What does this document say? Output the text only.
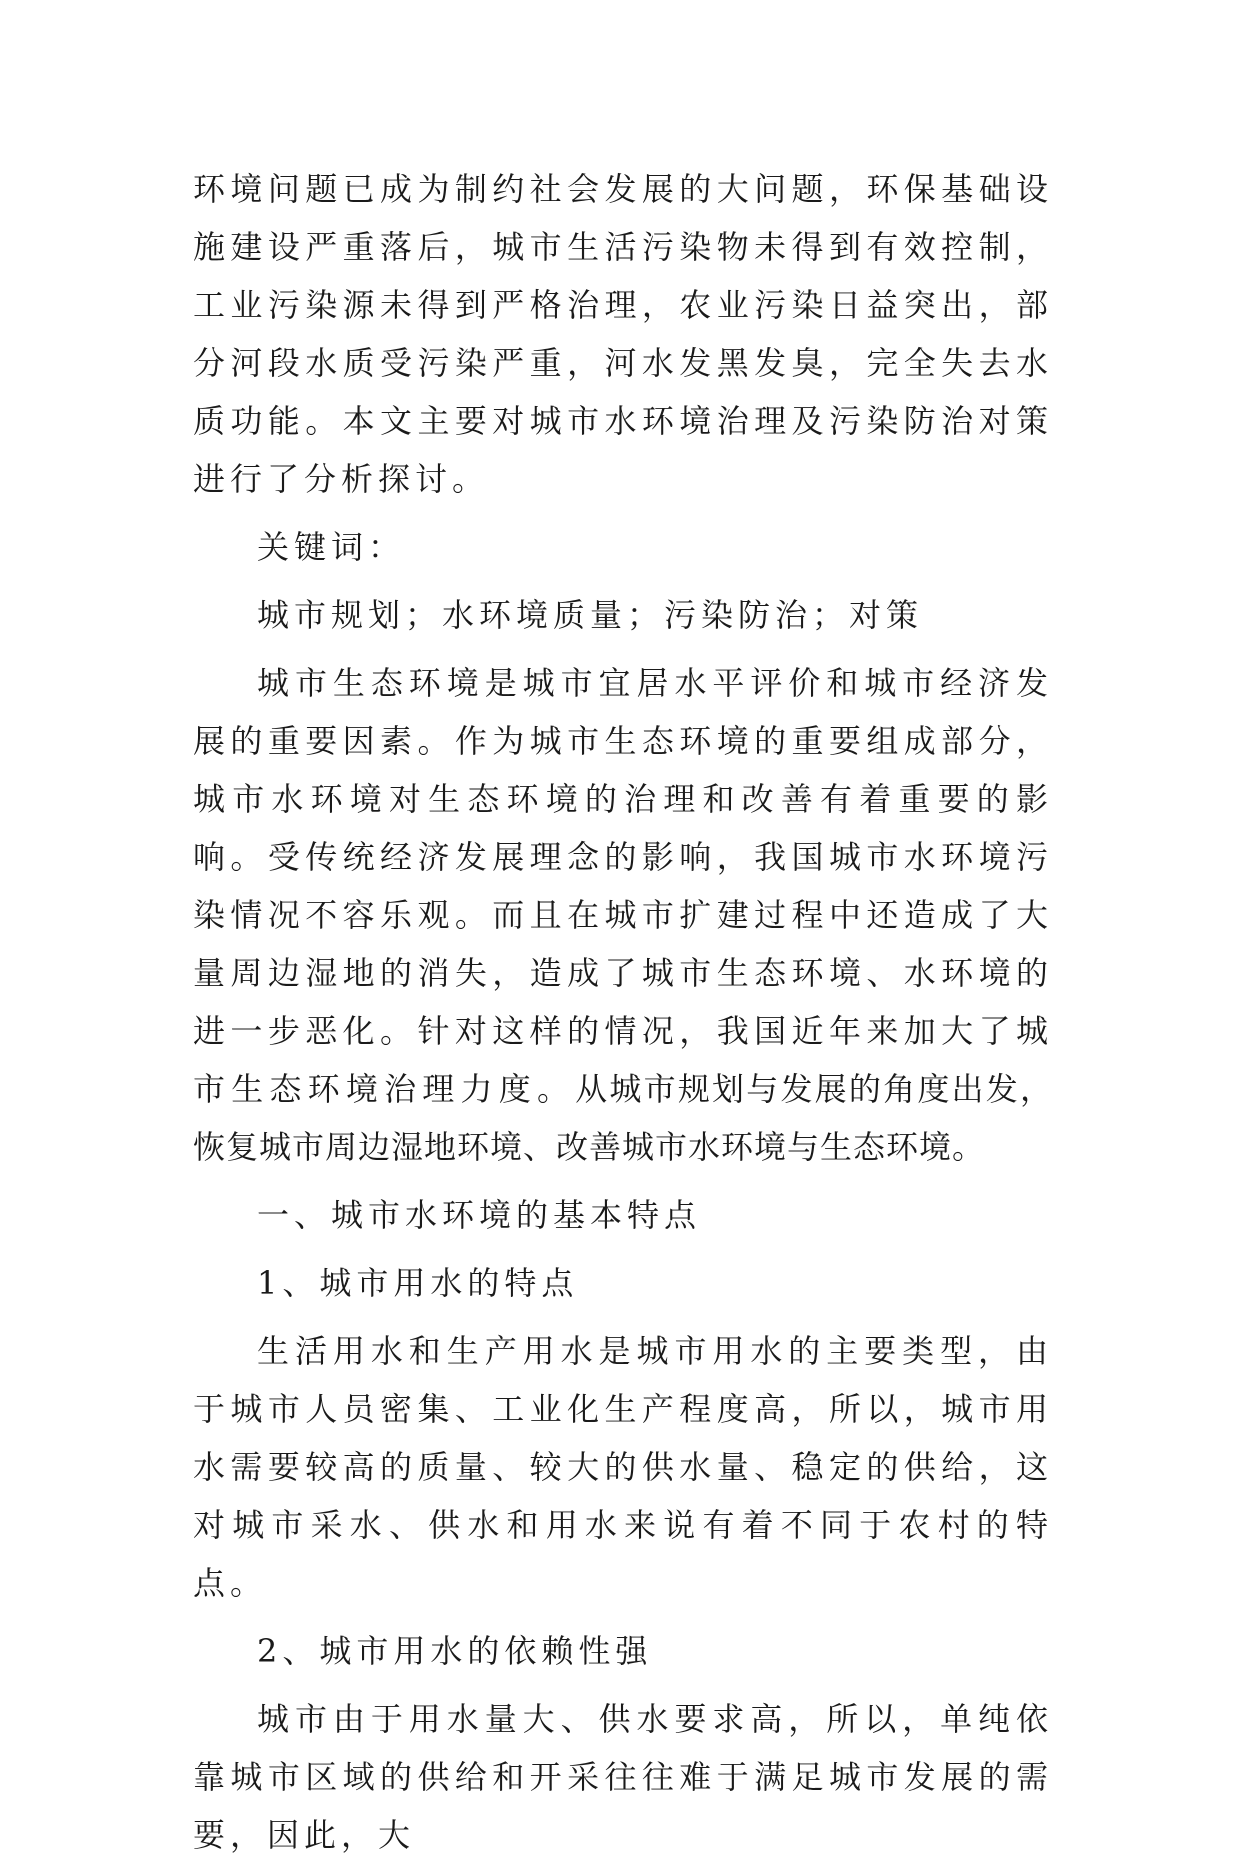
环境问题已成为制约社会发展的大问题，环保基础设施建设严重落后，城市生活污染物未得到有效控制，工业污染源未得到严格治理，农业污染日益突出，部分河段水质受污染严重，河水发黑发臭，完全失去水质功能。本文主要对城市水环境治理及污染防治对策进行了分析探讨。

关键词：

城市规划；水环境质量；污染防治；对策

城市生态环境是城市宜居水平评价和城市经济发展的重要因素。作为城市生态环境的重要组成部分，城市水环境对生态环境的治理和改善有着重要的影响。受传统经济发展理念的影响，我国城市水环境污染情况不容乐观。而且在城市扩建过程中还造成了大量周边湿地的消失，造成了城市生态环境、水环境的进一步恶化。针对这样的情况，我国近年来加大了城市生态环境治理力度。从城市规划与发展的角度出发，恢复城市周边湿地环境、改善城市水环境与生态环境。

一、城市水环境的基本特点

1、城市用水的特点

生活用水和生产用水是城市用水的主要类型，由于城市人员密集、工业化生产程度高，所以，城市用水需要较高的质量、较大的供水量、稳定的供给，这对城市采水、供水和用水来说有着不同于农村的特点。

2、城市用水的依赖性强

城市由于用水量大、供水要求高，所以，单纯依靠城市区域的供给和开采往往难于满足城市发展的需要，因此，大
